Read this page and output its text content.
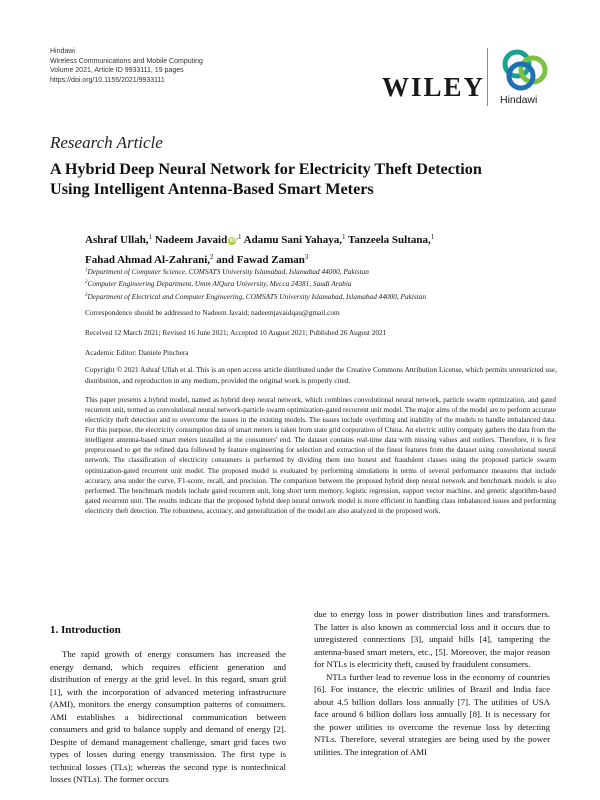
Hindawi
Wireless Communications and Mobile Computing
Volume 2021, Article ID 9933111, 19 pages
https://doi.org/10.1155/2021/9933111	WILEY Hindawi
Research Article
A Hybrid Deep Neural Network for Electricity Theft Detection
Using Intelligent Antenna-Based Smart Meters
Ashraf Ullah,$^1$ Nadeem Javaid $iD^{,1}$ Adamu Sani Yahaya,$^1$ Tanzeela Sultana,$^1$
Fahad Ahmad Al-Zahrani,$^2$ and Fawad Zaman$^3$
$^1$Department of Computer Science, COMSATS University Islamabad, Islamabad 44000, Pakistan
$^2$Computer Engineering Department, Umm AlQura University, Mecca 24381, Saudi Arabia
$^3$Department of Electrical and Computer Engineering, COMSATS University Islamabad, Islamabad 44000, Pakistan
Correspondence should be addressed to Nadeem Javaid; nadeemjavaidqau@gmail.com
Received 12 March 2021; Revised 16 June 2021; Accepted 10 August 2021; Published 26 August 2021
Academic Editor: Daniele Pinchera
Copyright © 2021 Ashraf Ullah et al. This is an open access article distributed under the Creative Commons Attribution License, which permits unrestricted use, distribution, and reproduction in any medium, provided the original work is properly cited.
This paper presents a hybrid model, named as hybrid deep neural network, which combines convolutional neural network, particle swarm optimization, and gated recurrent unit, termed as convolutional neural network-particle swarm optimization-gated recurrent unit model. The major aims of the model are to perform accurate electricity theft detection and to overcome the issues in the existing models. The issues include overfitting and inability of the models to handle imbalanced data. For this purpose, the electricity consumption data of smart meters is taken from state grid corporation of China. An electric utility company gathers the data from the intelligent antenna-based smart meters installed at the consumers' end. The dataset contains real-time data with missing values and outliers. Therefore, it is first preprocessed to get the refined data followed by feature engineering for selection and extraction of the finest features from the dataset using convolutional neural network. The classification of electricity consumers is performed by dividing them into honest and fraudulent classes using the proposed particle swarm optimization-gated recurrent unit model. The proposed model is evaluated by performing simulations in terms of several performance measures that include accuracy, area under the curve, F1-score, recall, and precision. The comparison between the proposed hybrid deep neural network and benchmark models is also performed. The benchmark models include gated recurrent unit, long short term memory, logistic regression, support vector machine, and genetic algorithm-based gated recurrent unit. The results indicate that the proposed hybrid deep neural network model is more efficient in handling class imbalanced issues and performing electricity theft detection. The robustness, accuracy, and generalization of the model are also analyzed in the proposed work.
1. Introduction

The rapid growth of energy consumers has increased the energy demand, which requires efficient generation and distribution of energy at the grid level. In this regard, smart grid [1], with the incorporation of advanced metering infrastructure (AMI), monitors the energy consumption patterns of consumers. AMI establishes a bidirectional communication between consumers and grid to balance supply and demand of energy [2]. Despite of demand management challenge, smart grid faces two types of losses during energy transmission. The first type is technical losses (TLs); whereas the second type is nontechnical losses (NTLs). The former occurs

due to energy loss in power distribution lines and transformers. The latter is also known as commercial loss and it occurs due to unregistered connections [3], unpaid bills [4], tampering the antenna-based smart meters, etc., [5]. Moreover, the major reason for NTLs is electricity theft, caused by fraudulent consumers.

NTLs further lead to revenue loss in the economy of countries [6]. For instance, the electric utilities of Brazil and India face about 4.5 billion dollars loss annually [7]. The utilities of USA face around 6 billion dollars loss annually [8]. It is necessary for the power utilities to overcome the revenue loss by detecting NTLs. Therefore, several strategies are being used by the power utilities. The integration of AMI
